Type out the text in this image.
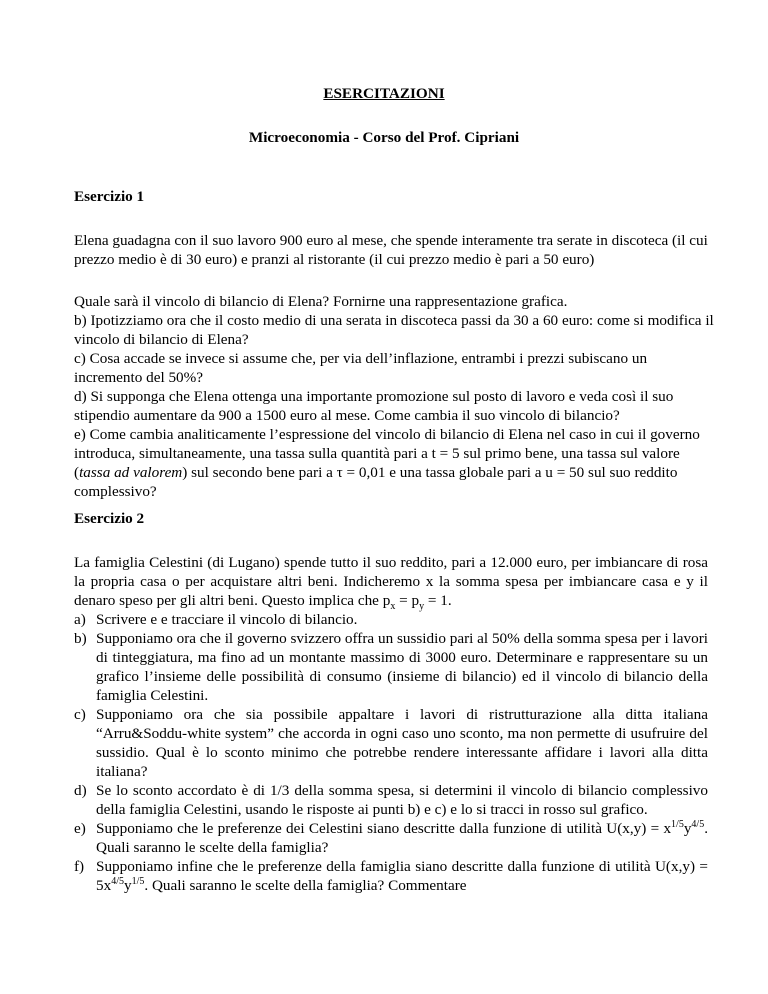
ESERCITAZIONI
Microeconomia - Corso del Prof. Cipriani
Esercizio 1

Elena guadagna con il suo lavoro 900 euro al mese, che spende interamente tra serate in discoteca (il cui prezzo medio è di 30 euro) e pranzi al ristorante (il cui prezzo medio è pari a 50 euro)

Quale sarà il vincolo di bilancio di Elena? Fornirne una rappresentazione grafica.

b) Ipotizziamo ora che il costo medio di una serata in discoteca passi da 30 a 60 euro: come si modifica il vincolo di bilancio di Elena?

c) Cosa accade se invece si assume che, per via dell’inflazione, entrambi i prezzi subiscano un incremento del 50%?

d) Si supponga che Elena ottenga una importante promozione sul posto di lavoro e veda così il suo stipendio aumentare da 900 a 1500 euro al mese. Come cambia il suo vincolo di bilancio?

e) Come cambia analiticamente l’espressione del vincolo di bilancio di Elena nel caso in cui il governo introduca, simultaneamente, una tassa sulla quantità pari a t = 5 sul primo bene, una tassa sul valore (tassa ad valorem) sul secondo bene pari a τ = 0,01 e una tassa globale pari a u = 50 sul suo reddito complessivo?

Esercizio 2

La famiglia Celestini (di Lugano) spende tutto il suo reddito, pari a 12.000 euro, per imbiancare di rosa la propria casa o per acquistare altri beni. Indicheremo x la somma spesa per imbiancare casa e y il denaro speso per gli altri beni. Questo implica che $p_x = p_y = 1$.

a) Scrivere e e tracciare il vincolo di bilancio.
b) Supponiamo ora che il governo svizzero offra un sussidio pari al 50% della somma spesa per i lavori di tinteggiatura, ma fino ad un montante massimo di 3000 euro. Determinare e rappresentare su un grafico l’insieme delle possibilità di consumo (insieme di bilancio) ed il vincolo di bilancio della famiglia Celestini.
c) Supponiamo ora che sia possibile appaltare i lavori di ristrutturazione alla ditta italiana “Arru&Soddu-white system” che accorda in ogni caso uno sconto, ma non permette di usufruire del sussidio. Qual è lo sconto minimo che potrebbe rendere interessante affidare i lavori alla ditta italiana?
d) Se lo sconto accordato è di 1/3 della somma spesa, si determini il vincolo di bilancio complessivo della famiglia Celestini, usando le risposte ai punti b) e c) e lo si tracci in rosso sul grafico.
e) Supponiamo che le preferenze dei Celestini siano descritte dalla funzione di utilità $U(x,y) = x^{1/5}y^{4/5}$. Quali saranno le scelte della famiglia?
f) Supponiamo infine che le preferenze della famiglia siano descritte dalla funzione di utilità $U(x,y) = 5x^{4/5}y^{1/5}$. Quali saranno le scelte della famiglia? Commentare
